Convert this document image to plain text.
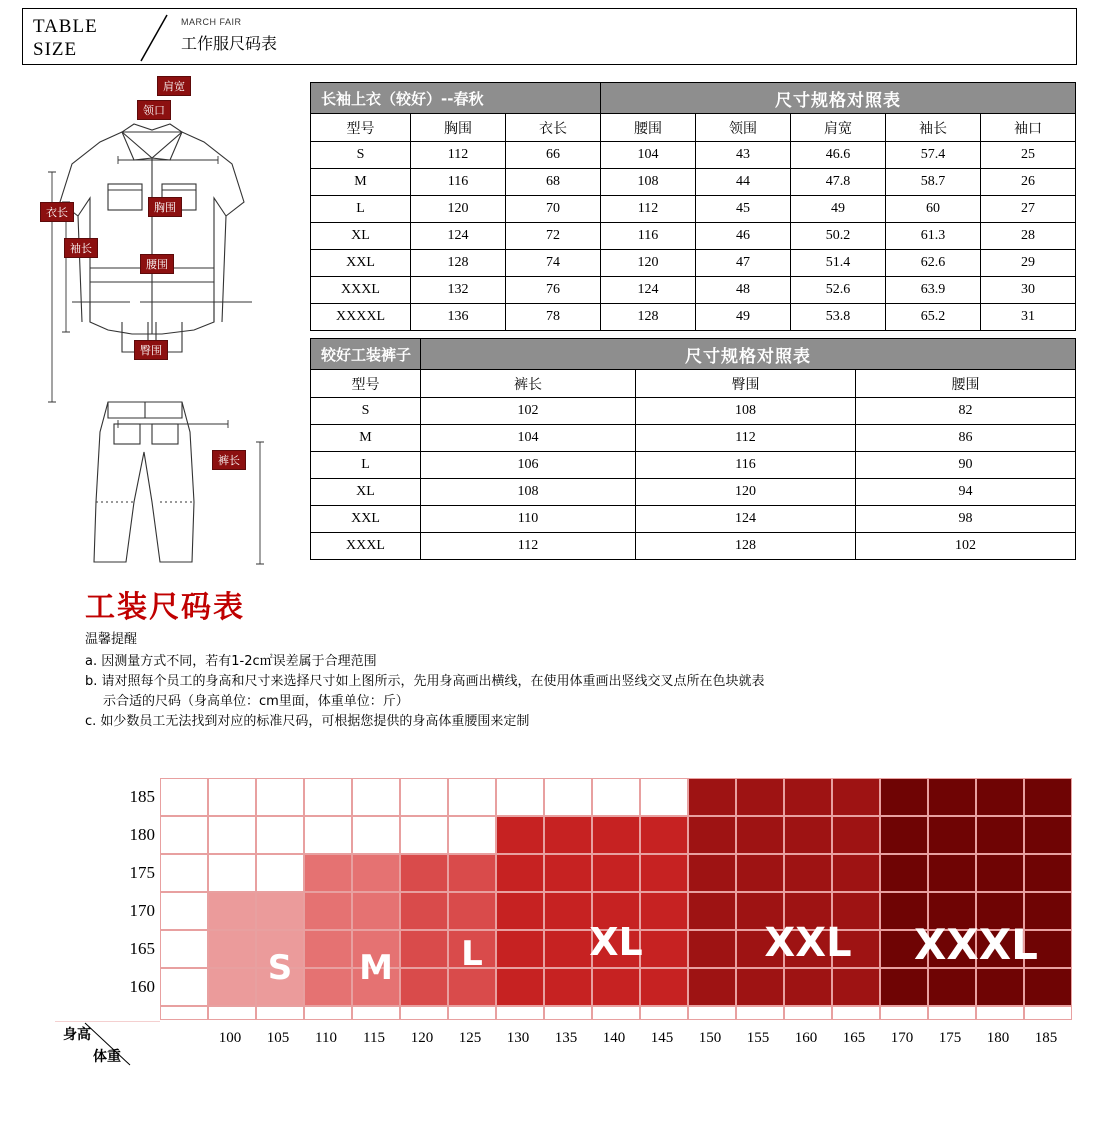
TABLE
SIZE
MARCH FAIR
工作服尺码表
肩宽
领口
衣长	胸围
袖长
腰围
臀围
裤长
长袖上衣（较好）--春秋			尺寸规格对照表				
型号	胸围	衣长	腰围	领围	肩宽	袖长	袖口
S	112	66	104	43	46.6	57.4	25
M	116	68	108	44	47.8	58.7	26
L	120	70	112	45	49	60	27
XL	124	72	116	46	50.2	61.3	28
XXL	128	74	120	47	51.4	62.6	29
XXXL	132	76	124	48	52.6	63.9	30
XXXXL	136	78	128	49	53.8	65.2	31
较好工装裤子	尺寸规格对照表		
型号	裤长	臀围	腰围
S	102	108	82
M	104	112	86
L	106	116	90
XL	108	120	94
XXL	110	124	98
XXXL	112	128	102
工装尺码表

温馨提醒

a. 因测量方式不同，若有1-2c㎡误差属于合理范围

b. 请对照每个员工的身高和尺寸来选择尺寸如上图所示，先用身高画出横线，在使用体重画出竖线交叉点所在色块就表

示合适的尺码（身高单位：cm里面，体重单位：斤）

c. 如少数员工无法找到对应的标准尺码，可根据您提供的身高体重腰围来定制

185
180
175
170
165
160
100	105	110	115	120	125	130	135	140	145	150	155	160	165	170	175	180	185
S	M	L	XL	XXL	XXXL
身高
体重
